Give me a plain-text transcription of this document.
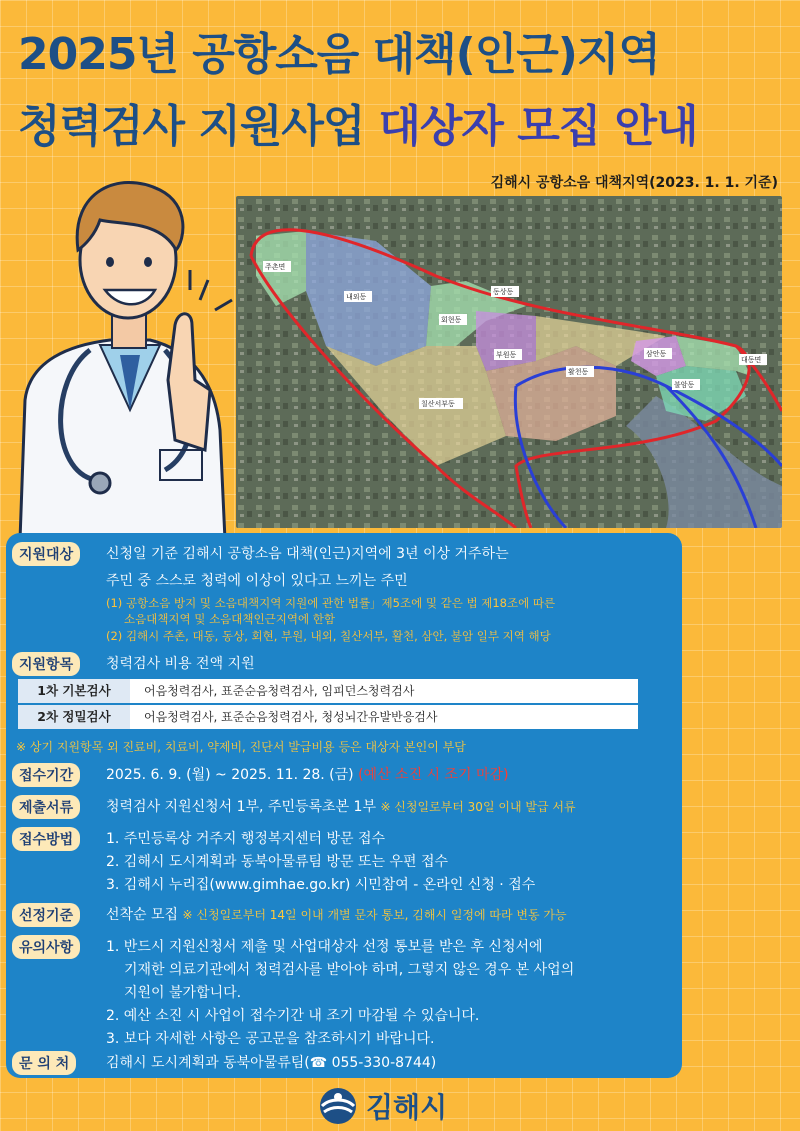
2025년 공항소음 대책(인근)지역
청력검사 지원사업 대상자 모집 안내
김해시 공항소음 대책지역(2023. 1. 1. 기준)
주촌면
내외동
동상동
회현동
부원동
활천동
삼안동
불암동
대동면
칠산서부동
지원대상	신청일 기준 김해시 공항소음 대책(인근)지역에 3년 이상 거주하는
주민 중 스스로 청력에 이상이 있다고 느끼는 주민
(1) 공항소음 방지 및 소음대책지역 지원에 관한 법률」제5조에 및 같은 법 제18조에 따른
소음대책지역 및 소음대책인근지역에 한함
(2) 김해시 주촌, 대동, 동상, 회현, 부원, 내외, 칠산서부, 활천, 삼안, 불암 일부 지역 해당
지원항목	청력검사 비용 전액 지원
1차 기본검사	어음청력검사, 표준순음청력검사, 임피던스청력검사
2차 정밀검사	어음청력검사, 표준순음청력검사, 청성뇌간유발반응검사
※ 상기 지원항목 외 진료비, 치료비, 약제비, 진단서 발급비용 등은 대상자 본인이 부담
접수기간	2025. 6. 9. (월) ~ 2025. 11. 28. (금) (예산 소진 시 조기 마감)
제출서류	청력검사 지원신청서 1부, 주민등록초본 1부 ※ 신청일로부터 30일 이내 발급 서류
접수방법	1. 주민등록상 거주지 행정복지센터 방문 접수
2. 김해시 도시계획과 동북아물류팀 방문 또는 우편 접수
3. 김해시 누리집(www.gimhae.go.kr) 시민참여 - 온라인 신청 · 접수
선정기준	선착순 모집 ※ 신청일로부터 14일 이내 개별 문자 통보, 김해시 일정에 따라 변동 가능
유의사항	1. 반드시 지원신청서 제출 및 사업대상자 선정 통보를 받은 후 신청서에
기재한 의료기관에서 청력검사를 받아야 하며, 그렇지 않은 경우 본 사업의
지원이 불가합니다.
2. 예산 소진 시 사업이 접수기간 내 조기 마감될 수 있습니다.
3. 보다 자세한 사항은 공고문을 참조하시기 바랍니다.
문 의 처	김해시 도시계획과 동북아물류팀(☎ 055-330-8744)
김해시
